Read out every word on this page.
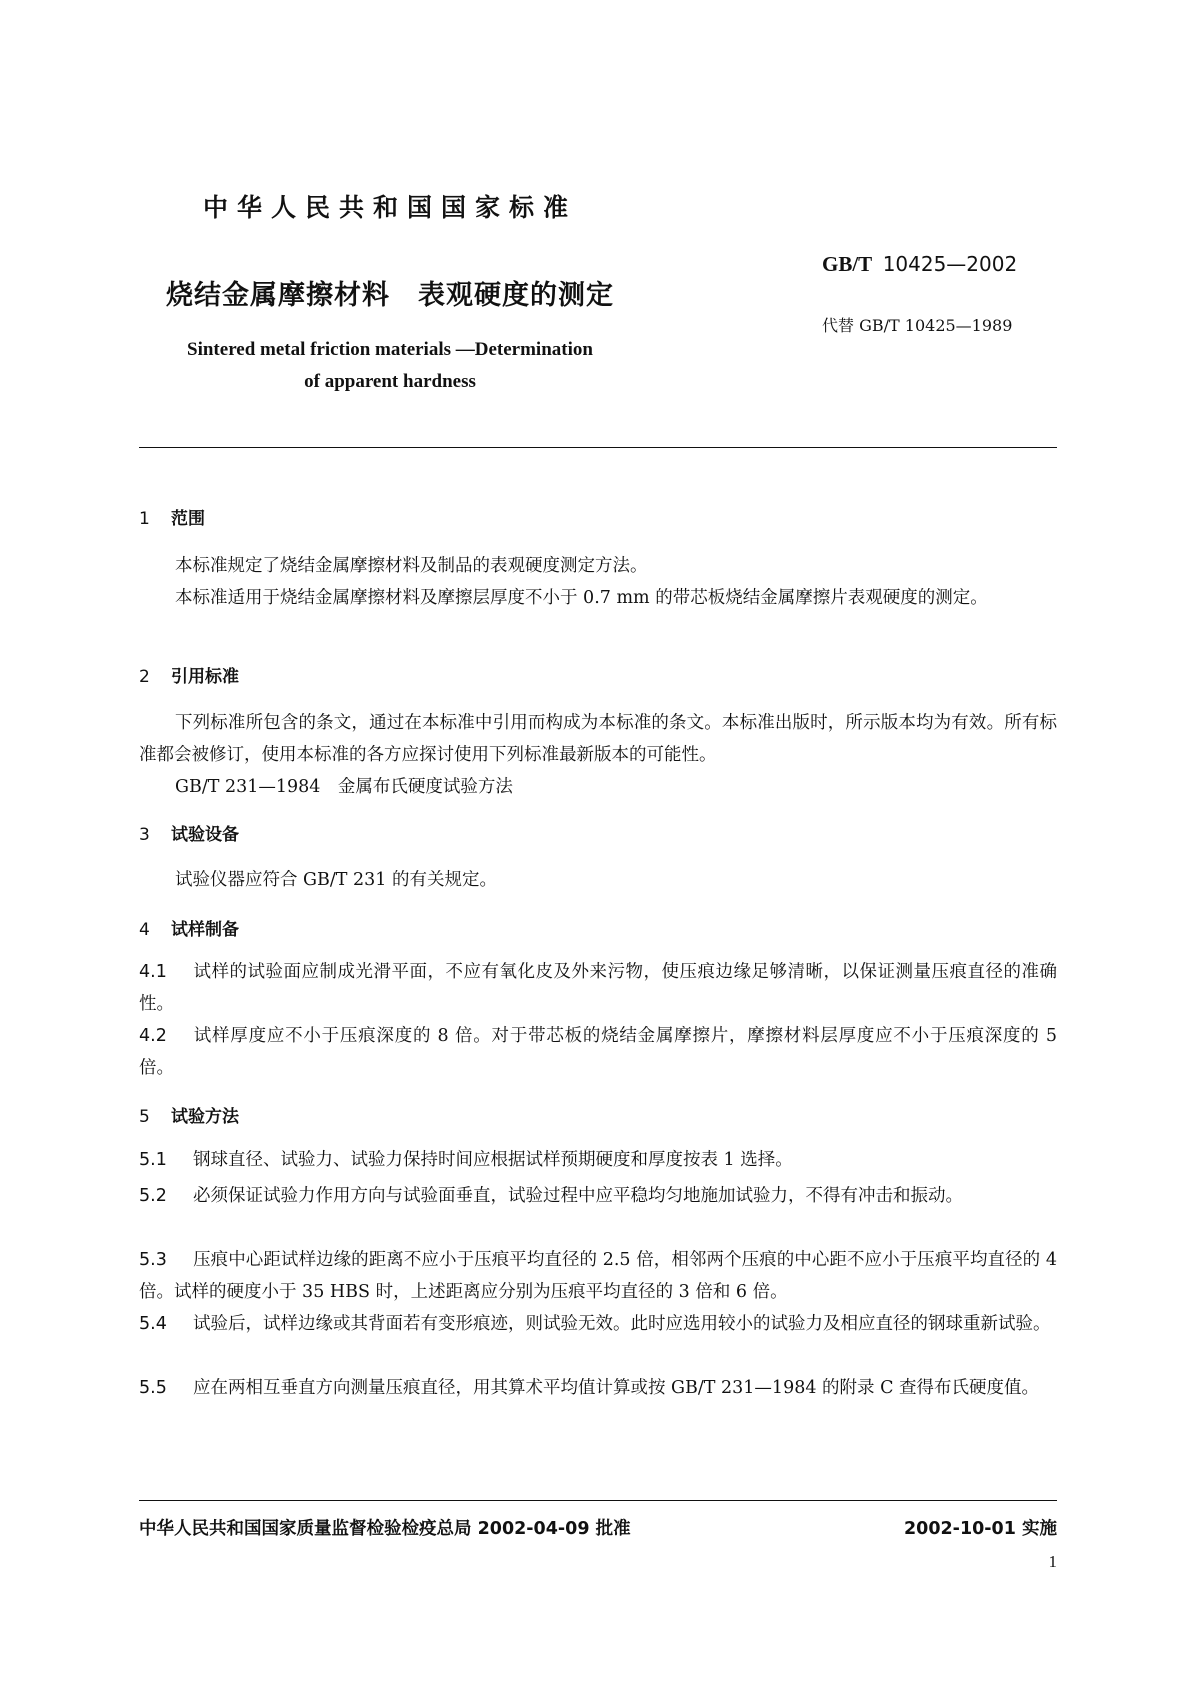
中华人民共和国国家标准
烧结金属摩擦材料　表观硬度的测定
Sintered metal friction materials —Determination
of apparent hardness
GB/T 10425—2002
代替 GB/T 10425—1989
1 范围
本标准规定了烧结金属摩擦材料及制品的表观硬度测定方法。
本标准适用于烧结金属摩擦材料及摩擦层厚度不小于 0.7 mm 的带芯板烧结金属摩擦片表观硬度的测定。
2 引用标准
下列标准所包含的条文，通过在本标准中引用而构成为本标准的条文。本标准出版时，所示版本均为有效。所有标准都会被修订，使用本标准的各方应探讨使用下列标准最新版本的可能性。
GB/T 231—1984　金属布氏硬度试验方法
3 试验设备
试验仪器应符合 GB/T 231 的有关规定。
4 试样制备
4.1 试样的试验面应制成光滑平面，不应有氧化皮及外来污物，使压痕边缘足够清晰，以保证测量压痕直径的准确性。
4.2 试样厚度应不小于压痕深度的 8 倍。对于带芯板的烧结金属摩擦片，摩擦材料层厚度应不小于压痕深度的 5 倍。
5 试验方法
5.1 钢球直径、试验力、试验力保持时间应根据试样预期硬度和厚度按表 1 选择。
5.2 必须保证试验力作用方向与试验面垂直，试验过程中应平稳均匀地施加试验力，不得有冲击和振动。
5.3 压痕中心距试样边缘的距离不应小于压痕平均直径的 2.5 倍，相邻两个压痕的中心距不应小于压痕平均直径的 4 倍。试样的硬度小于 35 HBS 时，上述距离应分别为压痕平均直径的 3 倍和 6 倍。
5.4 试验后，试样边缘或其背面若有变形痕迹，则试验无效。此时应选用较小的试验力及相应直径的钢球重新试验。
5.5 应在两相互垂直方向测量压痕直径，用其算术平均值计算或按 GB/T 231—1984 的附录 C 查得布氏硬度值。
中华人民共和国国家质量监督检验检疫总局 2002-04-09 批准	2002-10-01 实施
1
